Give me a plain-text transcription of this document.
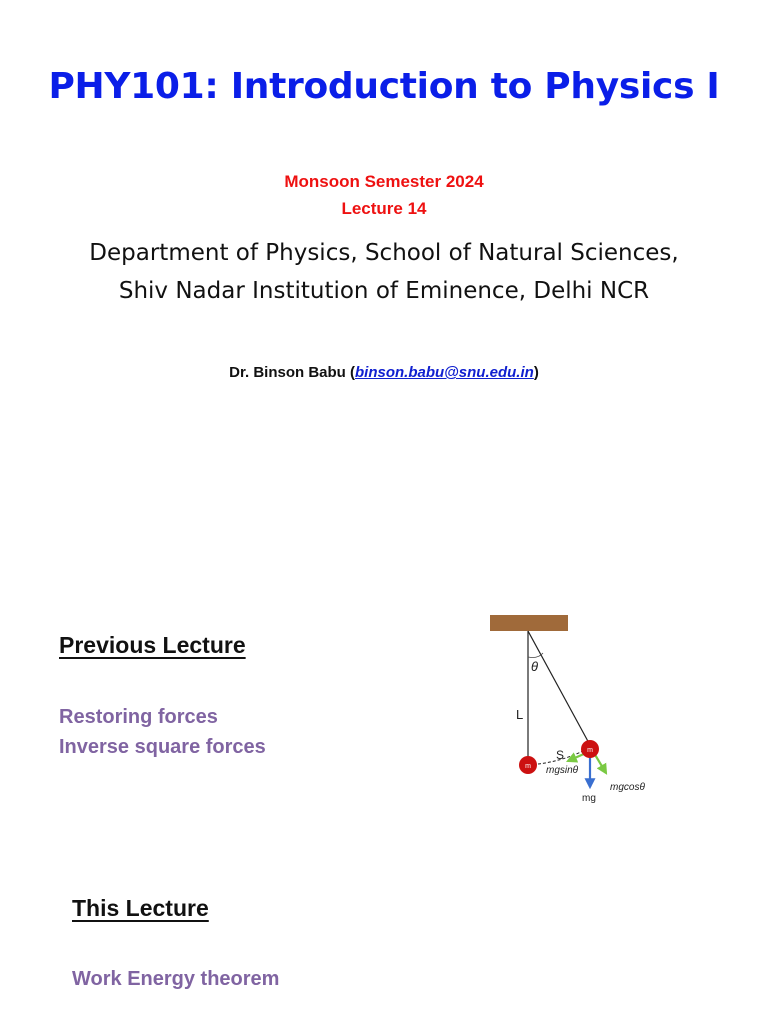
PHY101: Introduction to Physics I
Monsoon Semester 2024
Lecture 14
Department of Physics, School of Natural Sciences,
Shiv Nadar Institution of Eminence, Delhi NCR
Dr. Binson Babu (binson.babu@snu.edu.in)
Previous Lecture
Restoring forces
Inverse square forces
This Lecture
Work Energy theorem
m
m
θ
L
S
mgsinθ
mg
mgcosθ
